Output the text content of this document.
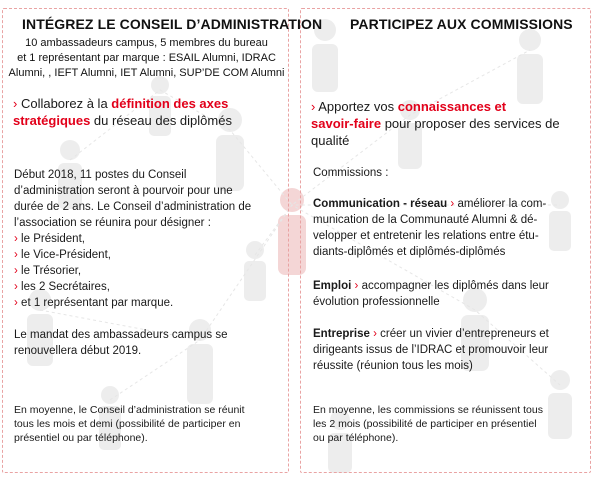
INTÉGREZ LE CONSEIL D’ADMINISTRATION
10 ambassadeurs campus, 5 membres du bureau
et 1 représentant par marque : ESAIL Alumni, IDRAC
Alumni, , IEFT Alumni, IET Alumni, SUP’DE COM Alumni
› Collaborez à la définition des axes stratégiques du réseau des diplômés
Début 2018, 11 postes du Conseil
d’administration seront à pourvoir pour une
durée de 2 ans. Le Conseil d’administration de
l’association se réunira pour désigner :
› le Président,
› le Vice-Président,
› le Trésorier,
› les 2 Secrétaires,
› et 1 représentant par marque.
Le mandat des ambassadeurs campus se
renouvellera début 2019.
En moyenne, le Conseil d’administration se réunit
tous les mois et demi (possibilité de participer en
présentiel ou par téléphone).
PARTICIPEZ AUX COMMISSIONS
› Apportez vos connaissances et
savoir-faire pour proposer des services de
qualité
Commissions :
Communication - réseau › améliorer la com-
munication de la Communauté Alumni & dé-
velopper et entretenir les relations entre étu-
diants-diplômés et diplômés-diplômés
Emploi › accompagner les diplômés dans leur
évolution professionnelle
Entreprise › créer un vivier d’entrepreneurs et
dirigeants issus de l’IDRAC et promouvoir leur
réussite (réunion tous les mois)
En moyenne, les commissions se réunissent tous
les 2 mois (possibilité de participer en présentiel
ou par téléphone).
